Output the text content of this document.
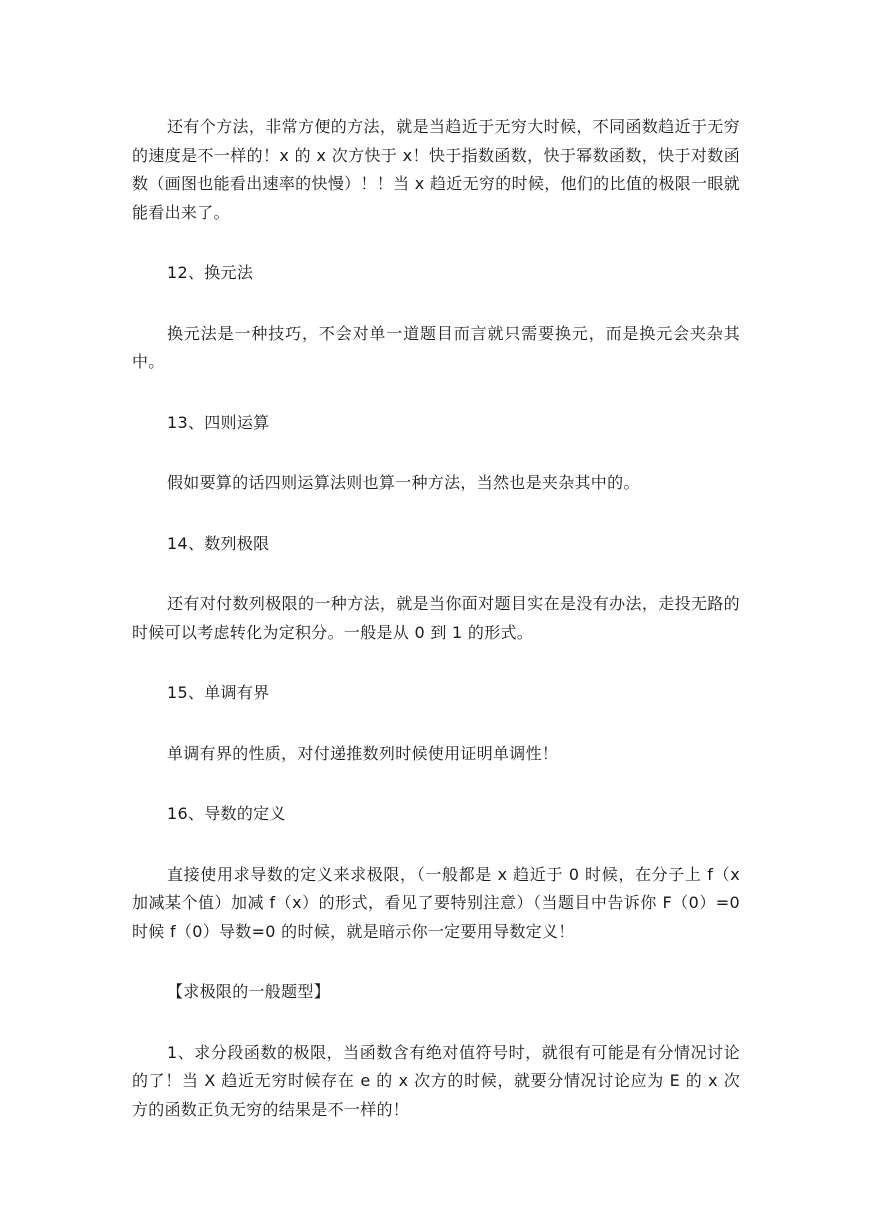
还有个方法，非常方便的方法，就是当趋近于无穷大时候，不同函数趋近于无穷的速度是不一样的！x 的 x 次方快于 x！快于指数函数，快于幂数函数，快于对数函数（画图也能看出速率的快慢）！！当 x 趋近无穷的时候，他们的比值的极限一眼就能看出来了。

12、换元法

换元法是一种技巧，不会对单一道题目而言就只需要换元，而是换元会夹杂其中。

13、四则运算

假如要算的话四则运算法则也算一种方法，当然也是夹杂其中的。

14、数列极限

还有对付数列极限的一种方法，就是当你面对题目实在是没有办法，走投无路的时候可以考虑转化为定积分。一般是从 0 到 1 的形式。

15、单调有界

单调有界的性质，对付递推数列时候使用证明单调性！

16、导数的定义

直接使用求导数的定义来求极限，（一般都是 x 趋近于 0 时候，在分子上 f（x加减某个值）加减 f（x）的形式，看见了要特别注意）（当题目中告诉你 F（0）=0 时候 f（0）导数=0 的时候，就是暗示你一定要用导数定义！

【求极限的一般题型】

1、求分段函数的极限，当函数含有绝对值符号时，就很有可能是有分情况讨论的了！当 X 趋近无穷时候存在 e 的 x 次方的时候，就要分情况讨论应为 E 的 x 次方的函数正负无穷的结果是不一样的！
